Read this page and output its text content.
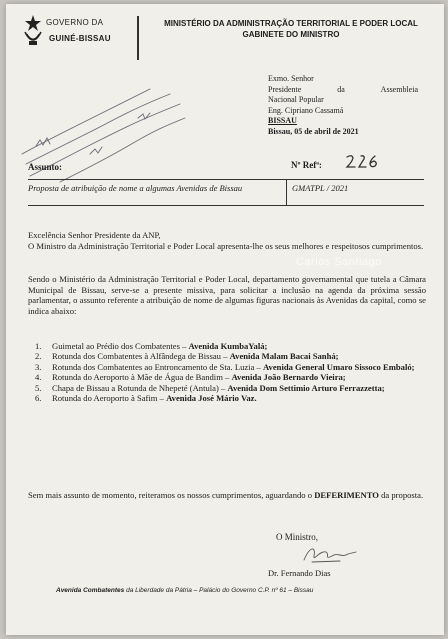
GOVERNO DA
GUINÉ-BISSAU
MINISTÉRIO DA ADMINISTRAÇÃO TERRITORIAL E PODER LOCAL
GABINETE DO MINISTRO
Exmo. Senhor
Presidente	da	Assembleia
Nacional Popular
Eng. Cipriano Cassamá
BISSAU
Bissau, 05 de abril de 2021
Assunto:	Nº Refª:
Proposta de atribuição de nome a algumas Avenidas de Bissau	GMATPL / 2021
Carlos Santiago
Excelência Senhor Presidente da ANP,
O Ministro da Administração Territorial e Poder Local apresenta-lhe os seus melhores e respeitosos cumprimentos.
Sendo o Ministério da Administração Territorial e Poder Local, departamento governamental que tutela a Câmara Municipal de Bissau, serve-se a presente missiva, para solicitar a inclusão na agenda da próxima sessão parlamentar, o assunto referente a atribuição de nome de algumas figuras nacionais às Avenidas da capital, como se indica abaixo:
1. Guimetal ao Prédio dos Combatentes – Avenida KumbaYalá;
2. Rotunda dos Combatentes à Alfândega de Bissau – Avenida Malam Bacai Sanhá;
3. Rotunda dos Combatentes ao Entroncamento de Sta. Luzia – Avenida General Umaro Sissoco Embaló;
4. Rotunda do Aeroporto à Mãe de Água de Bandim – Avenida João Bernardo Vieira;
5. Chapa de Bissau a Rotunda de Nhepeté (Antula) – Avenida Dom Settimio Arturo Ferrazzetta;
6. Rotunda do Aeroporto à Safim – Avenida José Mário Vaz.
Sem mais assunto de momento, reiteramos os nossos cumprimentos, aguardando o DEFERIMENTO da proposta.
O Ministro,
Dr. Fernando Dias
Avenida Combatentes da Liberdade da Pátria – Palácio do Governo C.P. nº 61 – Bissau
